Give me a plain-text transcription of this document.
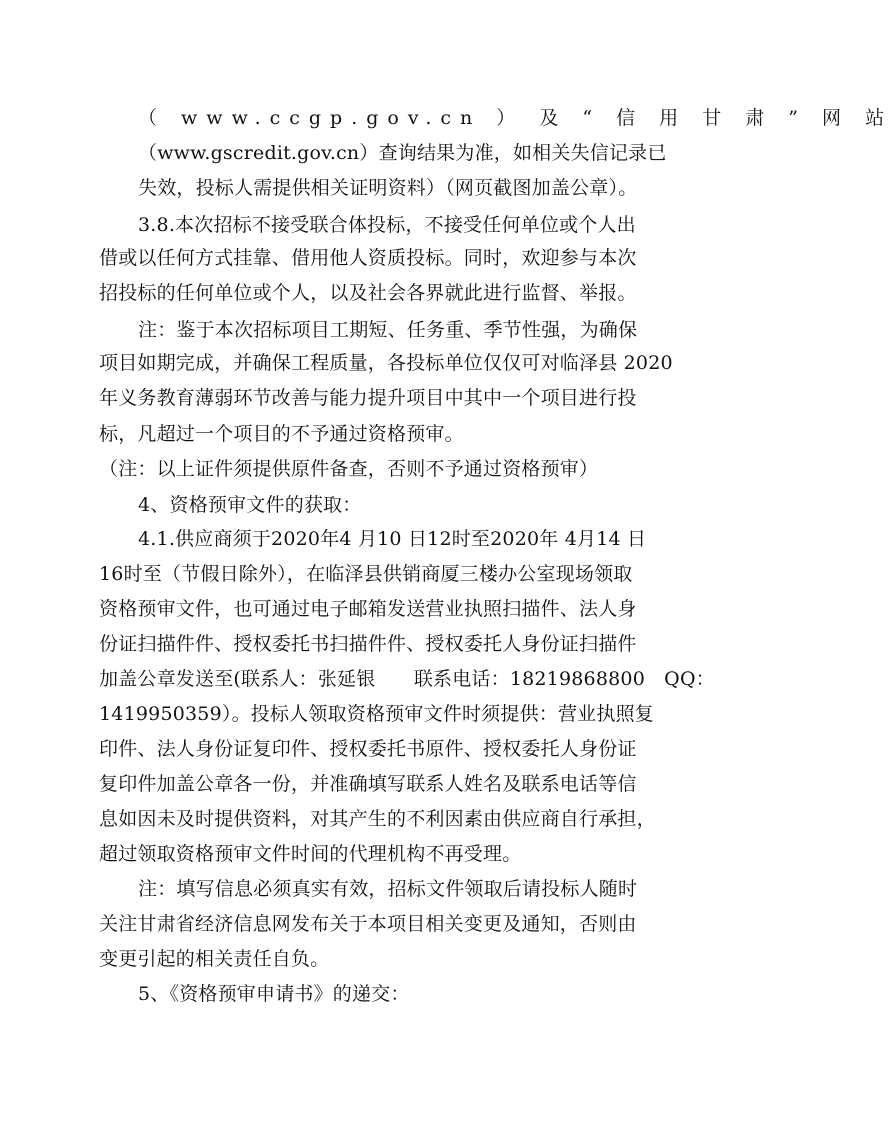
（ www.ccgp.gov.cn ） 及 “ 信 用 甘 肃 ” 网 站
（www.gscredit.gov.cn）查询结果为准，如相关失信记录已
失效，投标人需提供相关证明资料）（网页截图加盖公章）。
3.8.本次招标不接受联合体投标，不接受任何单位或个人出
借或以任何方式挂靠、借用他人资质投标。同时，欢迎参与本次
招投标的任何单位或个人，以及社会各界就此进行监督、举报。
注：鉴于本次招标项目工期短、任务重、季节性强，为确保
项目如期完成，并确保工程质量，各投标单位仅仅可对临泽县 2020
年义务教育薄弱环节改善与能力提升项目中其中一个项目进行投
标，凡超过一个项目的不予通过资格预审。
（注：以上证件须提供原件备查，否则不予通过资格预审）
4、资格预审文件的获取：
4.1.供应商须于2020年4 月10 日12时至2020年 4月14 日
16时至（节假日除外），在临泽县供销商厦三楼办公室现场领取
资格预审文件，也可通过电子邮箱发送营业执照扫描件、法人身
份证扫描件件、授权委托书扫描件件、授权委托人身份证扫描件
加盖公章发送至(联系人：张延银　　联系电话：18219868800　QQ：
1419950359）。投标人领取资格预审文件时须提供：营业执照复
印件、法人身份证复印件、授权委托书原件、授权委托人身份证
复印件加盖公章各一份，并准确填写联系人姓名及联系电话等信
息如因未及时提供资料，对其产生的不利因素由供应商自行承担，
超过领取资格预审文件时间的代理机构不再受理。
注：填写信息必须真实有效，招标文件领取后请投标人随时
关注甘肃省经济信息网发布关于本项目相关变更及通知，否则由
变更引起的相关责任自负。
5、《资格预审申请书》的递交：
